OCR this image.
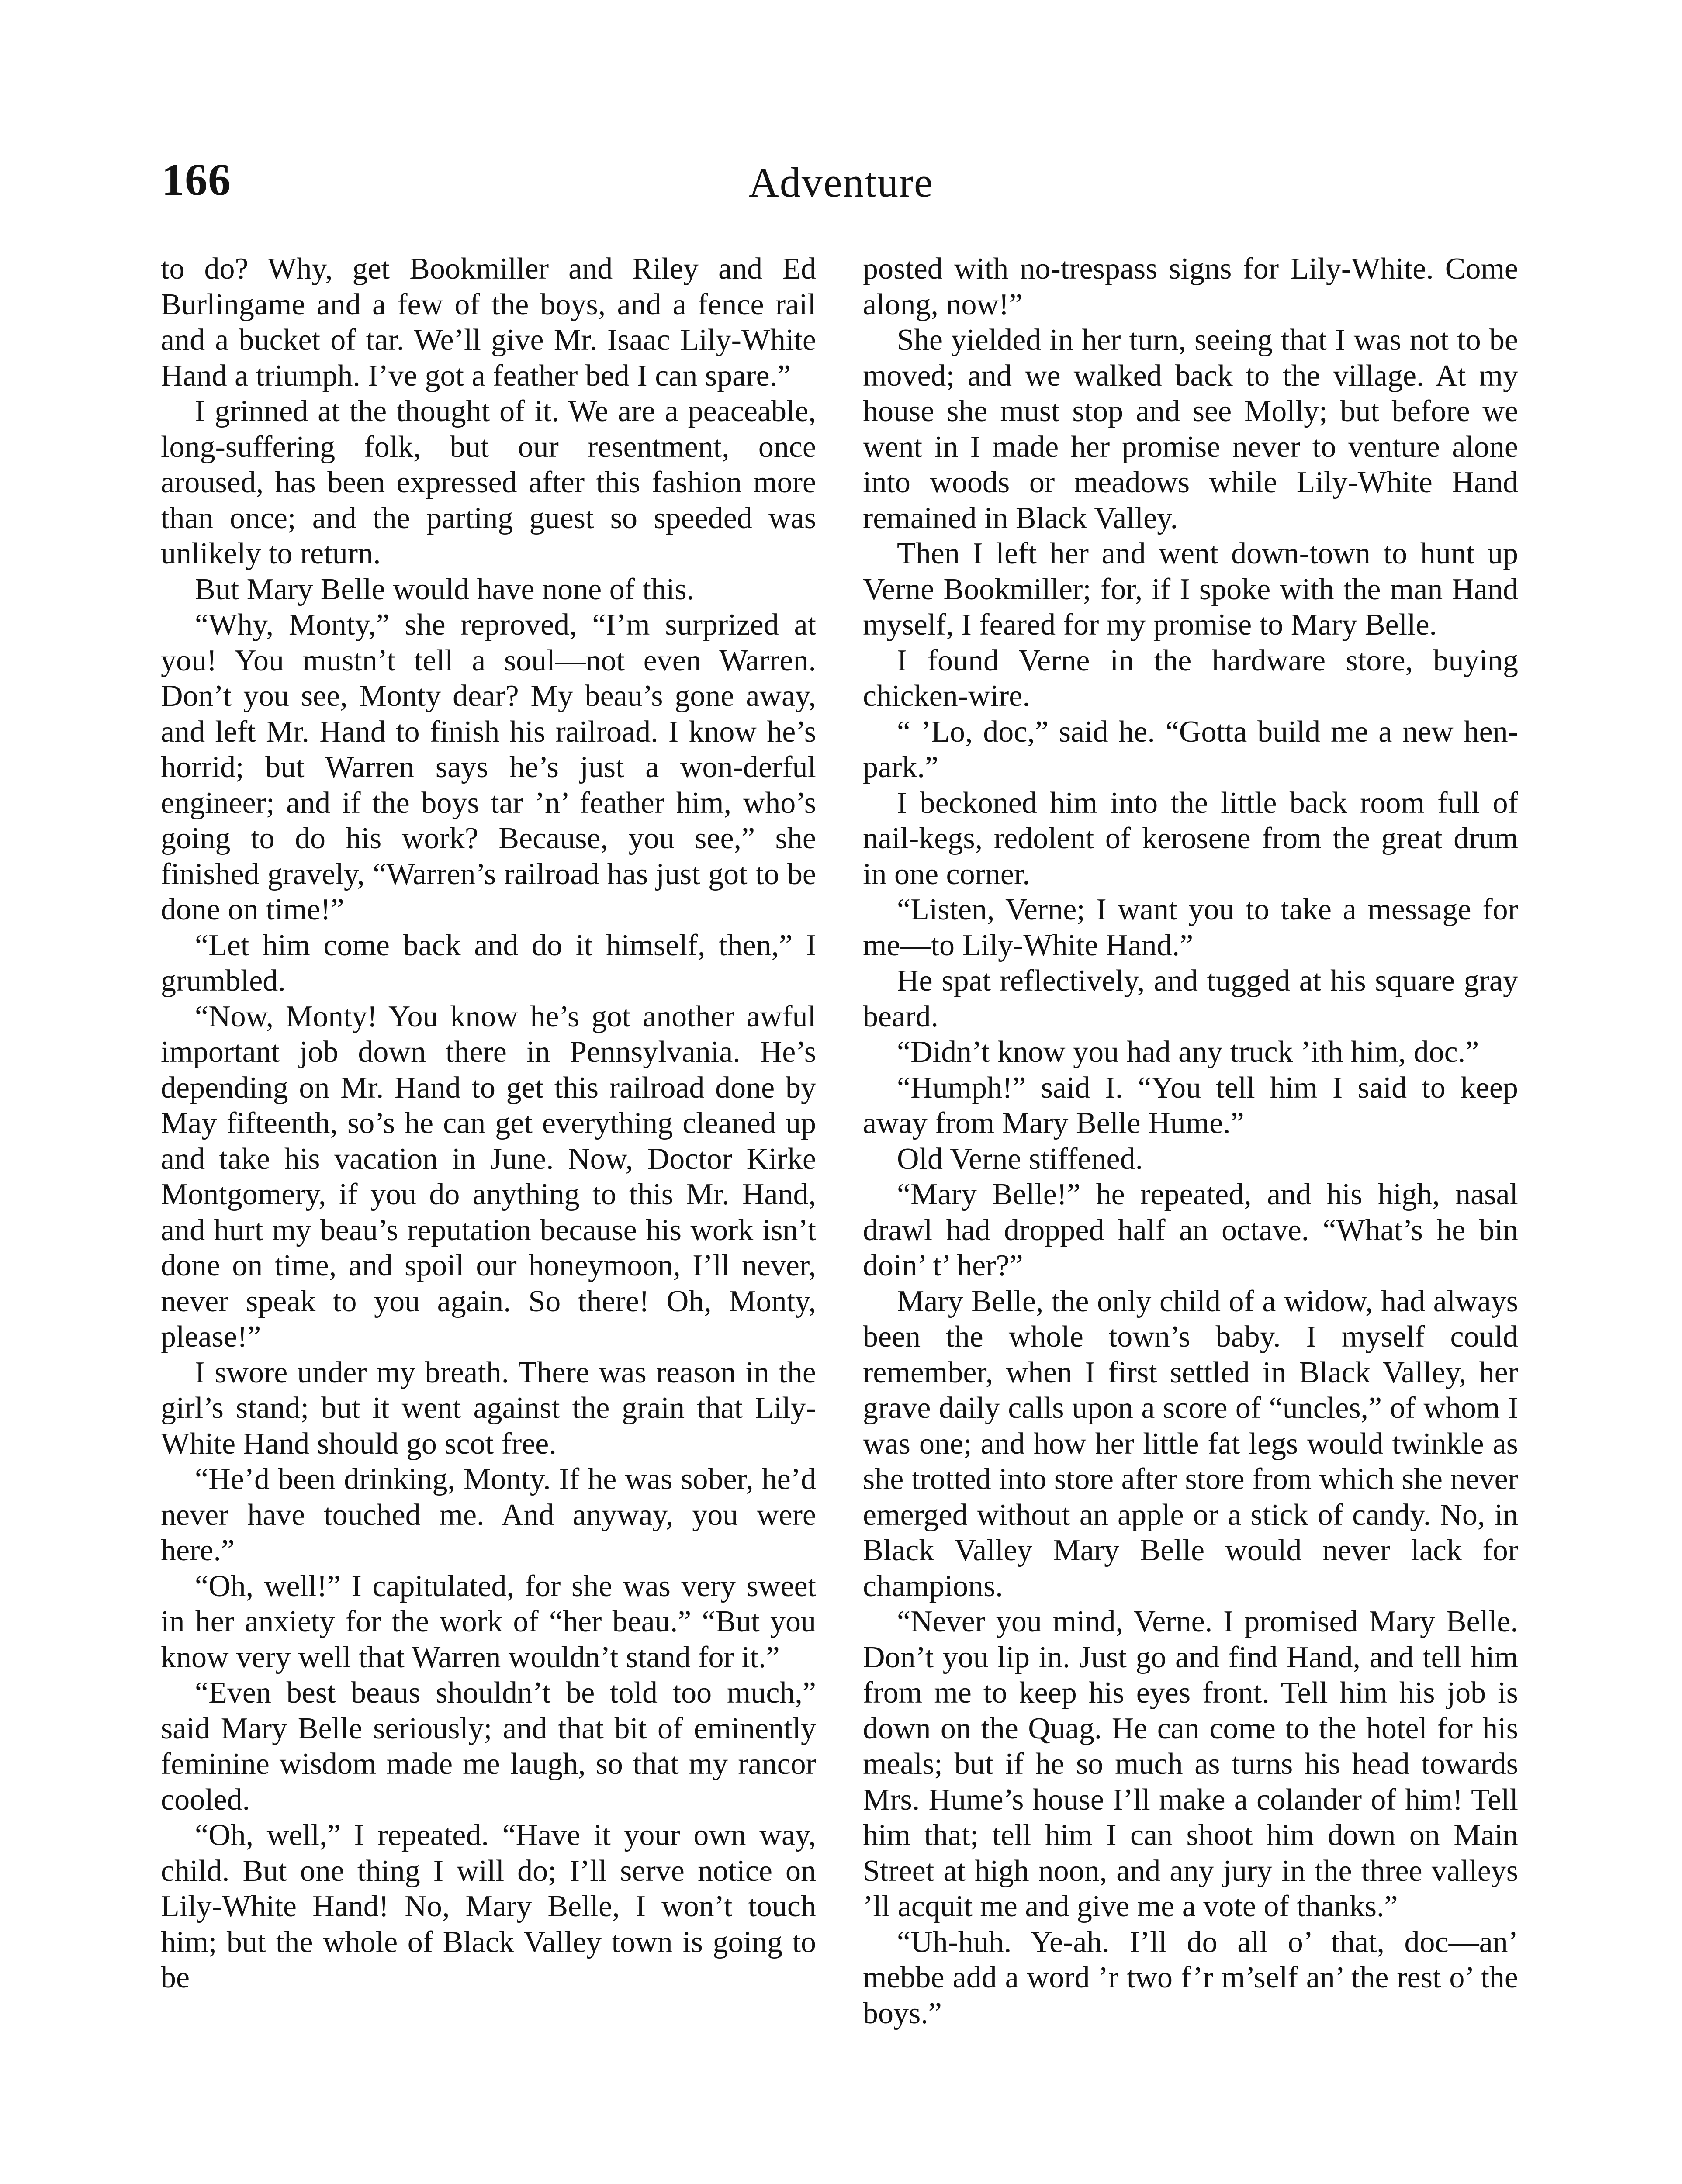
166	Adventure

to do? Why, get Bookmiller and Riley and Ed Burlingame and a few of the boys, and a fence rail and a bucket of tar. We’ll give Mr. Isaac Lily-White Hand a triumph. I’ve got a feather bed I can spare.”

I grinned at the thought of it. We are a peaceable, long-suffering folk, but our resentment, once aroused, has been expressed after this fashion more than once; and the parting guest so speeded was unlikely to return.

But Mary Belle would have none of this.

“Why, Monty,” she reproved, “I’m surprized at you! You mustn’t tell a soul—not even Warren. Don’t you see, Monty dear? My beau’s gone away, and left Mr. Hand to finish his railroad. I know he’s horrid; but Warren says he’s just a won-derful engineer; and if the boys tar ’n’ feather him, who’s going to do his work? Because, you see,” she finished gravely, “Warren’s railroad has just got to be done on time!”

“Let him come back and do it himself, then,” I grumbled.

“Now, Monty! You know he’s got another awful important job down there in Pennsylvania. He’s depending on Mr. Hand to get this railroad done by May fifteenth, so’s he can get everything cleaned up and take his vacation in June. Now, Doctor Kirke Montgomery, if you do anything to this Mr. Hand, and hurt my beau’s reputation because his work isn’t done on time, and spoil our honeymoon, I’ll never, never speak to you again. So there! Oh, Monty, please!”

I swore under my breath. There was reason in the girl’s stand; but it went against the grain that Lily-White Hand should go scot free.

“He’d been drinking, Monty. If he was sober, he’d never have touched me. And anyway, you were here.”

“Oh, well!” I capitulated, for she was very sweet in her anxiety for the work of “her beau.” “But you know very well that Warren wouldn’t stand for it.”

“Even best beaus shouldn’t be told too much,” said Mary Belle seriously; and that bit of eminently feminine wisdom made me laugh, so that my rancor cooled.

“Oh, well,” I repeated. “Have it your own way, child. But one thing I will do; I’ll serve notice on Lily-White Hand! No, Mary Belle, I won’t touch him; but the whole of Black Valley town is going to be

posted with no-trespass signs for Lily-White. Come along, now!”

She yielded in her turn, seeing that I was not to be moved; and we walked back to the village. At my house she must stop and see Molly; but before we went in I made her promise never to venture alone into woods or meadows while Lily-White Hand remained in Black Valley.

Then I left her and went down-town to hunt up Verne Bookmiller; for, if I spoke with the man Hand myself, I feared for my promise to Mary Belle.

I found Verne in the hardware store, buying chicken-wire.

“ ’Lo, doc,” said he. “Gotta build me a new hen-park.”

I beckoned him into the little back room full of nail-kegs, redolent of kerosene from the great drum in one corner.

“Listen, Verne; I want you to take a message for me—to Lily-White Hand.”

He spat reflectively, and tugged at his square gray beard.

“Didn’t know you had any truck ’ith him, doc.”

“Humph!” said I. “You tell him I said to keep away from Mary Belle Hume.”

Old Verne stiffened.

“Mary Belle!” he repeated, and his high, nasal drawl had dropped half an octave. “What’s he bin doin’ t’ her?”

Mary Belle, the only child of a widow, had always been the whole town’s baby. I myself could remember, when I first settled in Black Valley, her grave daily calls upon a score of “uncles,” of whom I was one; and how her little fat legs would twinkle as she trotted into store after store from which she never emerged without an apple or a stick of candy. No, in Black Valley Mary Belle would never lack for champions.

“Never you mind, Verne. I promised Mary Belle. Don’t you lip in. Just go and find Hand, and tell him from me to keep his eyes front. Tell him his job is down on the Quag. He can come to the hotel for his meals; but if he so much as turns his head towards Mrs. Hume’s house I’ll make a colander of him! Tell him that; tell him I can shoot him down on Main Street at high noon, and any jury in the three valleys ’ll acquit me and give me a vote of thanks.”

“Uh-huh. Ye-ah. I’ll do all o’ that, doc—an’ mebbe add a word ’r two f’r m’self an’ the rest o’ the boys.”
